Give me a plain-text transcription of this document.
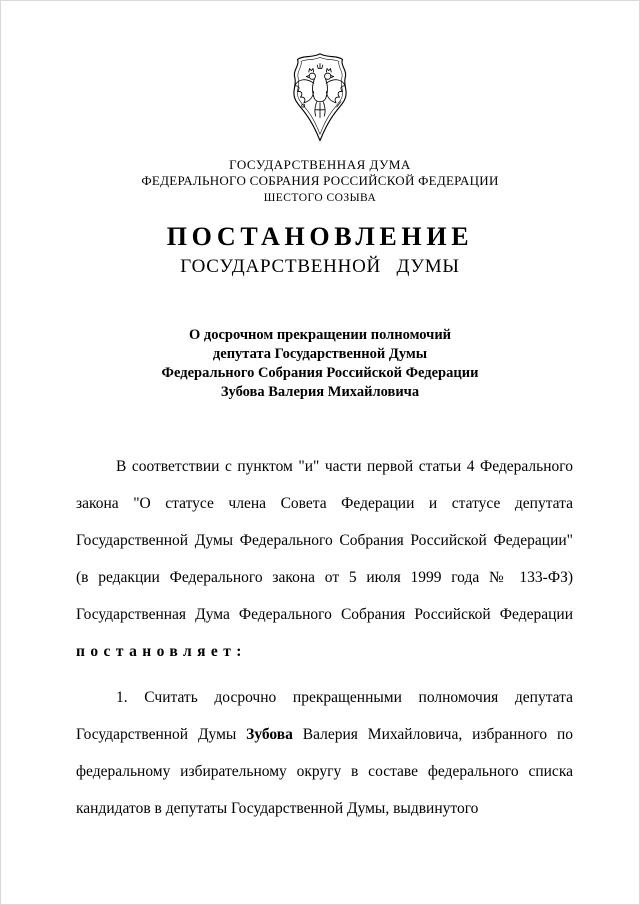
ГОСУДАРСТВЕННАЯ ДУМА
ФЕДЕРАЛЬНОГО СОБРАНИЯ РОССИЙСКОЙ ФЕДЕРАЦИИ
ШЕСТОГО СОЗЫВА
ПОСТАНОВЛЕНИЕ
ГОСУДАРСТВЕННОЙ ДУМЫ
О досрочном прекращении полномочий
депутата Государственной Думы
Федерального Собрания Российской Федерации
Зубова Валерия Михайловича

В соответствии с пунктом "и" части первой статьи 4 Федерального закона "О статусе члена Совета Федерации и статусе депутата Государственной Думы Федерального Собрания Российской Федерации" (в редакции Федерального закона от 5 июля 1999 года № 133-ФЗ) Государственная Дума Федерального Собрания Российской Федерации постановляет:

1. Считать досрочно прекращенными полномочия депутата Государственной Думы Зубова Валерия Михайловича, избранного по федеральному избирательному округу в составе федерального списка кандидатов в депутаты Государственной Думы, выдвинутого
